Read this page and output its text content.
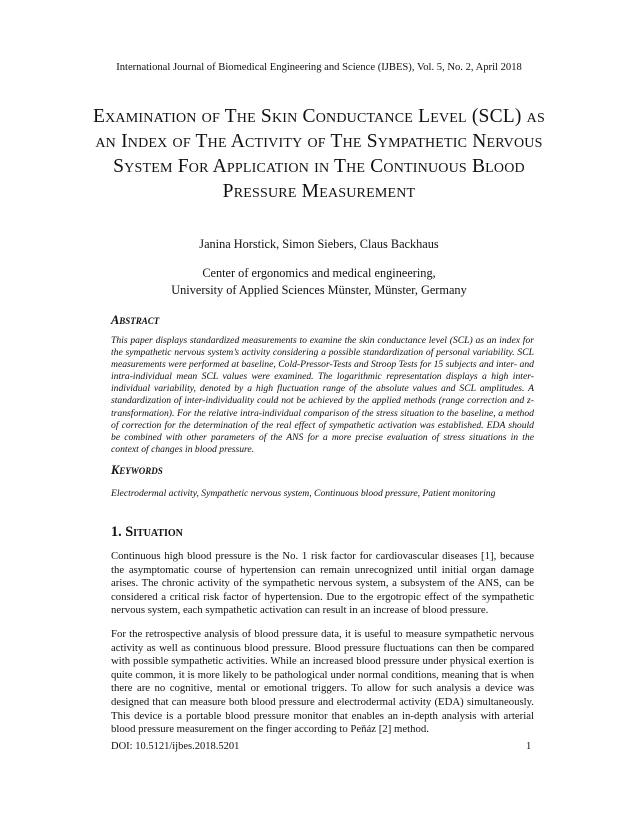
International Journal of Biomedical Engineering and Science (IJBES), Vol. 5, No. 2, April 2018
Examination of The Skin Conductance Level (SCL) as an Index of The Activity of The Sympathetic Nervous System For Application in The Continuous Blood Pressure Measurement
Janina Horstick, Simon Siebers, Claus Backhaus
Center of ergonomics and medical engineering,
University of Applied Sciences Münster, Münster, Germany
Abstract
This paper displays standardized measurements to examine the skin conductance level (SCL) as an index for the sympathetic nervous system’s activity considering a possible standardization of personal variability. SCL measurements were performed at baseline, Cold-Pressor-Tests and Stroop Tests for 15 subjects and inter- and intra-individual mean SCL values were examined. The logarithmic representation displays a high inter-individual variability, denoted by a high fluctuation range of the absolute values and SCL amplitudes. A standardization of inter-individuality could not be achieved by the applied methods (range correction and z-transformation). For the relative intra-individual comparison of the stress situation to the baseline, a method of correction for the determination of the real effect of sympathetic activation was established. EDA should be combined with other parameters of the ANS for a more precise evaluation of stress situations in the context of changes in blood pressure.
Keywords
Electrodermal activity, Sympathetic nervous system, Continuous blood pressure, Patient monitoring
1. Situation
Continuous high blood pressure is the No. 1 risk factor for cardiovascular diseases [1], because the asymptomatic course of hypertension can remain unrecognized until initial organ damage arises. The chronic activity of the sympathetic nervous system, a subsystem of the ANS, can be considered a critical risk factor of hypertension. Due to the ergotropic effect of the sympathetic nervous system, each sympathetic activation can result in an increase of blood pressure.
For the retrospective analysis of blood pressure data, it is useful to measure sympathetic nervous activity as well as continuous blood pressure. Blood pressure fluctuations can then be compared with possible sympathetic activities. While an increased blood pressure under physical exertion is quite common, it is more likely to be pathological under normal conditions, meaning that is when there are no cognitive, mental or emotional triggers. To allow for such analysis a device was designed that can measure both blood pressure and electrodermal activity (EDA) simultaneously. This device is a portable blood pressure monitor that enables an in-depth analysis with arterial blood pressure measurement on the finger according to Peňáz [2] method.
DOI: 10.5121/ijbes.2018.5201	1
